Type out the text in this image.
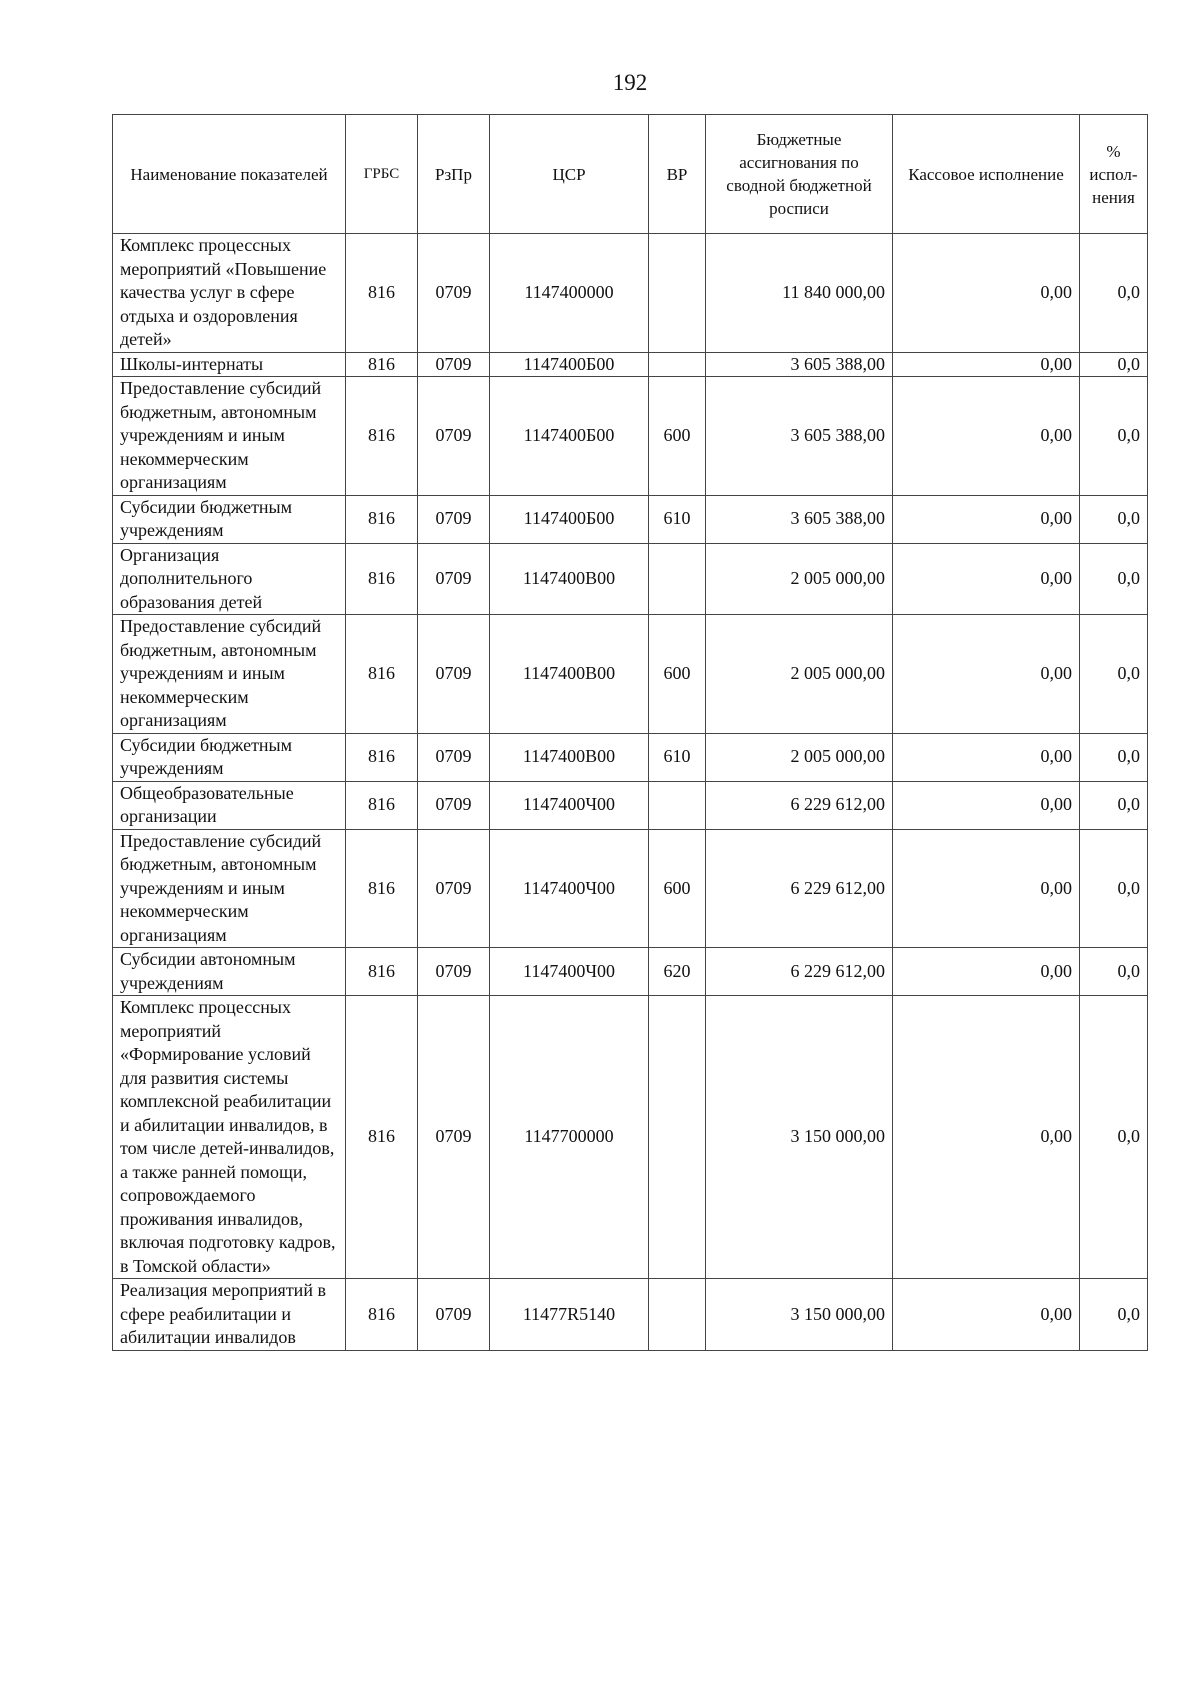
192
Наименование показателей	ГРБС	РзПр	ЦСР	ВР	Бюджетные ассигнования по сводной бюджетной росписи	Кассовое исполнение	% испол-нения
Комплекс процессных мероприятий «Повышение качества услуг в сфере отдыха и оздоровления детей»	816	0709	1147400000		11 840 000,00	0,00	0,0
Школы-интернаты	816	0709	1147400Б00		3 605 388,00	0,00	0,0
Предоставление субсидий бюджетным, автономным учреждениям и иным некоммерческим организациям	816	0709	1147400Б00	600	3 605 388,00	0,00	0,0
Субсидии бюджетным учреждениям	816	0709	1147400Б00	610	3 605 388,00	0,00	0,0
Организация дополнительного образования детей	816	0709	1147400В00		2 005 000,00	0,00	0,0
Предоставление субсидий бюджетным, автономным учреждениям и иным некоммерческим организациям	816	0709	1147400В00	600	2 005 000,00	0,00	0,0
Субсидии бюджетным учреждениям	816	0709	1147400В00	610	2 005 000,00	0,00	0,0
Общеобразовательные организации	816	0709	1147400Ч00		6 229 612,00	0,00	0,0
Предоставление субсидий бюджетным, автономным учреждениям и иным некоммерческим организациям	816	0709	1147400Ч00	600	6 229 612,00	0,00	0,0
Субсидии автономным учреждениям	816	0709	1147400Ч00	620	6 229 612,00	0,00	0,0
Комплекс процессных мероприятий «Формирование условий для развития системы комплексной реабилитации и абилитации инвалидов, в том числе детей-инвалидов, а также ранней помощи, сопровождаемого проживания инвалидов, включая подготовку кадров, в Томской области»	816	0709	1147700000		3 150 000,00	0,00	0,0
Реализация мероприятий в сфере реабилитации и абилитации инвалидов	816	0709	11477R5140		3 150 000,00	0,00	0,0
